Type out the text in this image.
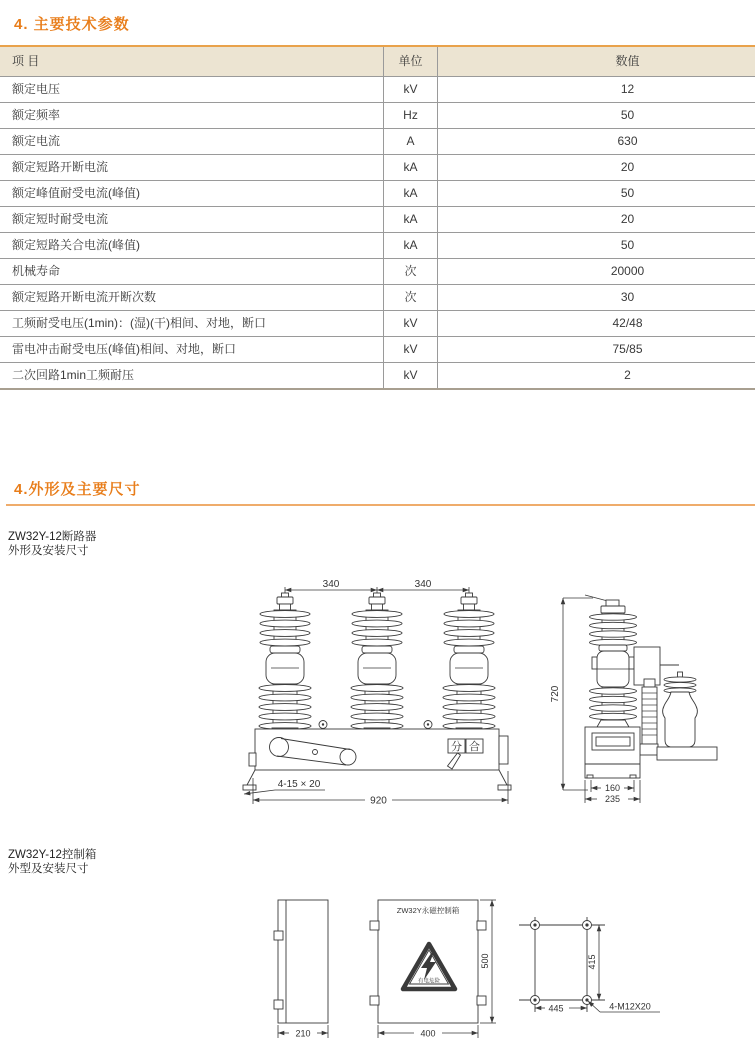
4. 主要技术参数
项 目	单位	数值
额定电压	kV	12
额定频率	Hz	50
额定电流	A	630
额定短路开断电流	kA	20
额定峰值耐受电流(峰值)	kA	50
额定短时耐受电流	kA	20
额定短路关合电流(峰值)	kA	50
机械寿命	次	20000
额定短路开断电流开断次数	次	30
工频耐受电压(1min)：(湿)(干)相间、对地，断口	kV	42/48
雷电冲击耐受电压(峰值)相间、对地，断口	kV	75/85
二次回路1min工频耐压	kV	2
4.外形及主要尺寸
ZW32Y-12断路器
外形及安装尺寸
340	340
分 合
4-15 × 20
920
720
160
235
ZW32Y-12控制箱
外型及安装尺寸
210
ZW32Y永磁控制箱
有电危险
400
500	415
445	4-M12X20
